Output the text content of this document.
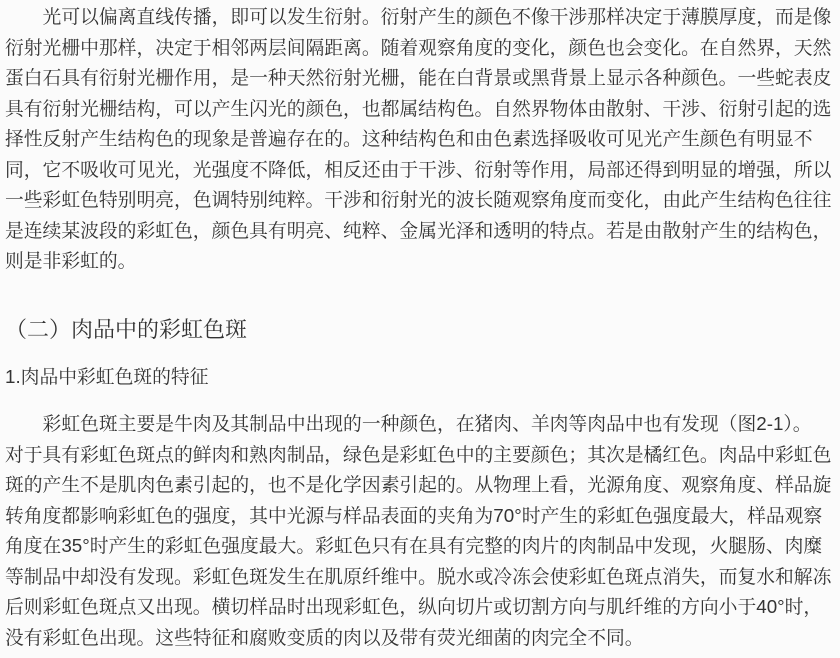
　　光可以偏离直线传播，即可以发生衍射。衍射产生的颜色不像干涉那样决定于薄膜厚度，而是像
衍射光栅中那样，决定于相邻两层间隔距离。随着观察角度的变化，颜色也会变化。在自然界，天然
蛋白石具有衍射光栅作用，是一种天然衍射光栅，能在白背景或黑背景上显示各种颜色。一些蛇表皮
具有衍射光栅结构，可以产生闪光的颜色，也都属结构色。自然界物体由散射、干涉、衍射引起的选
择性反射产生结构色的现象是普遍存在的。这种结构色和由色素选择吸收可见光产生颜色有明显不
同，它不吸收可见光，光强度不降低，相反还由于干涉、衍射等作用，局部还得到明显的增强，所以
一些彩虹色特别明亮，色调特别纯粹。干涉和衍射光的波长随观察角度而变化，由此产生结构色往往
是连续某波段的彩虹色，颜色具有明亮、纯粹、金属光泽和透明的特点。若是由散射产生的结构色，
则是非彩虹的。
（二）肉品中的彩虹色斑
1.肉品中彩虹色斑的特征
　　彩虹色斑主要是牛肉及其制品中出现的一种颜色，在猪肉、羊肉等肉品中也有发现（图2-1）。
对于具有彩虹色斑点的鲜肉和熟肉制品，绿色是彩虹色中的主要颜色；其次是橘红色。肉品中彩虹色
斑的产生不是肌肉色素引起的，也不是化学因素引起的。从物理上看，光源角度、观察角度、样品旋
转角度都影响彩虹色的强度，其中光源与样品表面的夹角为70°时产生的彩虹色强度最大，样品观察
角度在35°时产生的彩虹色强度最大。彩虹色只有在具有完整的肉片的肉制品中发现，火腿肠、肉糜
等制品中却没有发现。彩虹色斑发生在肌原纤维中。脱水或冷冻会使彩虹色斑点消失，而复水和解冻
后则彩虹色斑点又出现。横切样品时出现彩虹色，纵向切片或切割方向与肌纤维的方向小于40°时，
没有彩虹色出现。这些特征和腐败变质的肉以及带有荧光细菌的肉完全不同。
